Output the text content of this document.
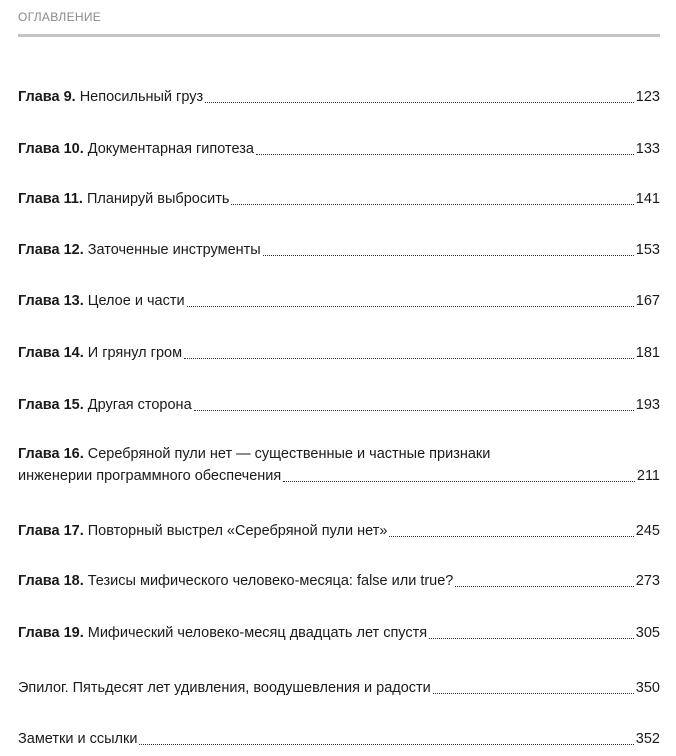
ОГЛАВЛЕНИЕ
Глава 9. Непосильный груз	123
Глава 10. Документарная гипотеза	133
Глава 11. Планируй выбросить	141
Глава 12. Заточенные инструменты	153
Глава 13. Целое и части	167
Глава 14. И грянул гром	181
Глава 15. Другая сторона	193
Глава 16. Серебряной пули нет — существенные и частные признаки
инженерии программного обеспечения	211
Глава 17. Повторный выстрел «Серебряной пули нет»	245
Глава 18. Тезисы мифического человеко-месяца: false или true?	273
Глава 19. Мифический человеко-месяц двадцать лет спустя	305
Эпилог. Пятьдесят лет удивления, воодушевления и радости	350
Заметки и ссылки	352
